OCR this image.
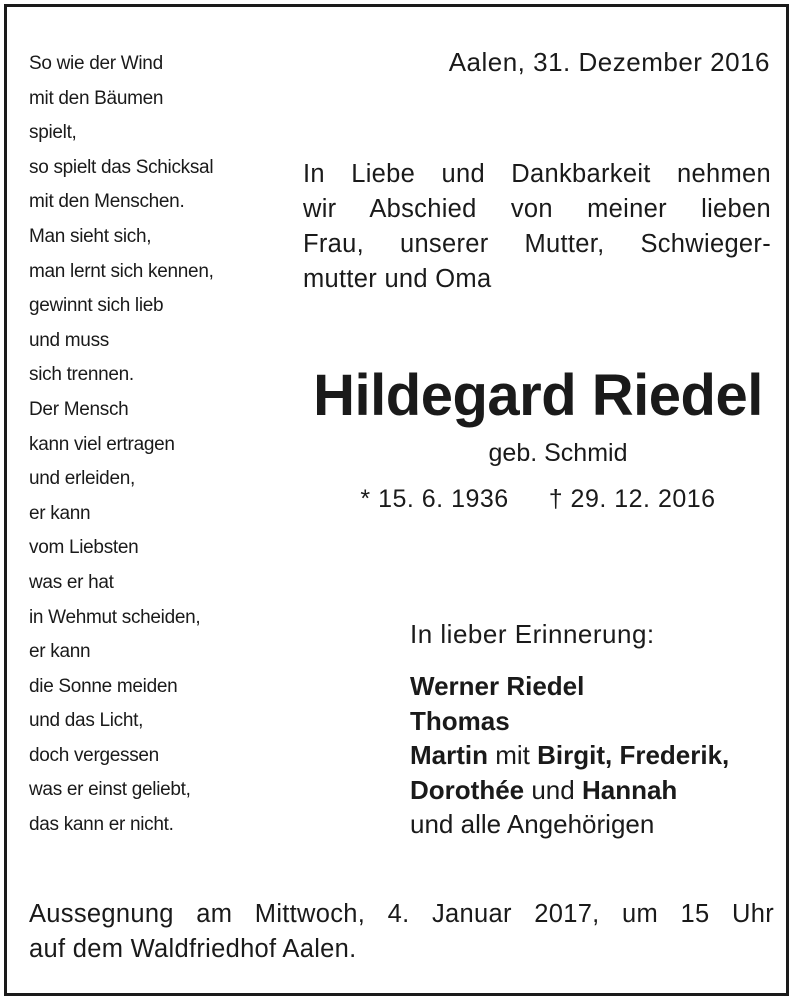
So wie der Wind
mit den Bäumen
spielt,
so spielt das Schicksal
mit den Menschen.
Man sieht sich,
man lernt sich kennen,
gewinnt sich lieb
und muss
sich trennen.
Der Mensch
kann viel ertragen
und erleiden,
er kann
vom Liebsten
was er hat
in Wehmut scheiden,
er kann
die Sonne meiden
und das Licht,
doch vergessen
was er einst geliebt,
das kann er nicht.
Aalen, 31. Dezember 2016
In Liebe und Dankbarkeit nehmen
wir Abschied von meiner lieben
Frau, unserer Mutter, Schwieger-
mutter und Oma
Hildegard Riedel
geb. Schmid
* 15. 6. 1936 † 29. 12. 2016
In lieber Erinnerung:
Werner Riedel
Thomas
Martin mit Birgit, Frederik,
Dorothée und Hannah
und alle Angehörigen
Aussegnung am Mittwoch, 4. Januar 2017, um 15 Uhr
auf dem Waldfriedhof Aalen.
